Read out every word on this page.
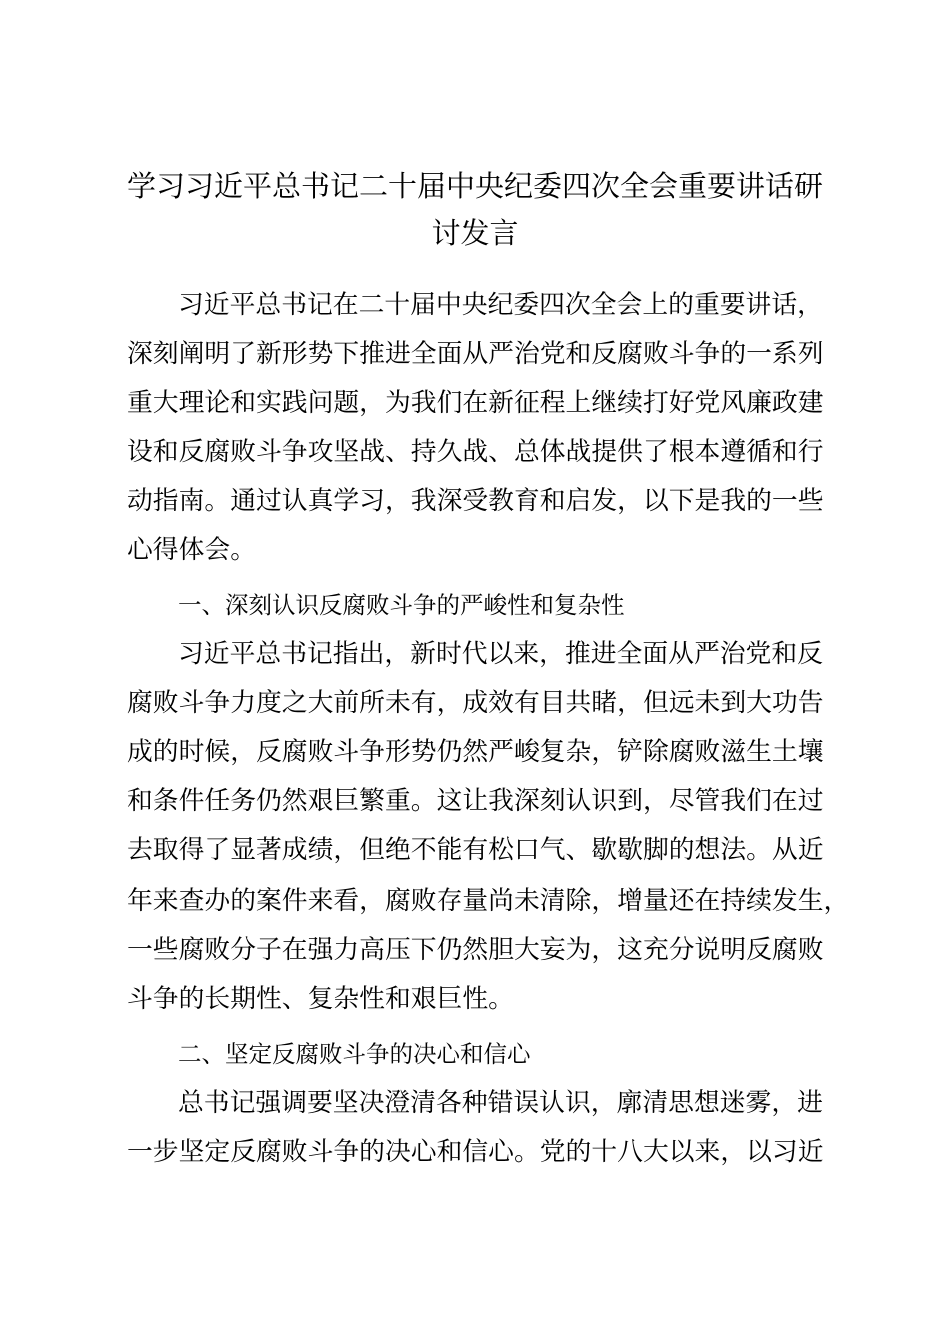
学习习近平总书记二十届中央纪委四次全会重要讲话研
讨发言
习近平总书记在二十届中央纪委四次全会上的重要讲话，
深刻阐明了新形势下推进全面从严治党和反腐败斗争的一系列
重大理论和实践问题，为我们在新征程上继续打好党风廉政建
设和反腐败斗争攻坚战、持久战、总体战提供了根本遵循和行
动指南。通过认真学习，我深受教育和启发，以下是我的一些
心得体会。
一、深刻认识反腐败斗争的严峻性和复杂性
习近平总书记指出，新时代以来，推进全面从严治党和反
腐败斗争力度之大前所未有，成效有目共睹，但远未到大功告
成的时候，反腐败斗争形势仍然严峻复杂，铲除腐败滋生土壤
和条件任务仍然艰巨繁重。这让我深刻认识到，尽管我们在过
去取得了显著成绩，但绝不能有松口气、歇歇脚的想法。从近
年来查办的案件来看，腐败存量尚未清除，增量还在持续发生，
一些腐败分子在强力高压下仍然胆大妄为，这充分说明反腐败
斗争的长期性、复杂性和艰巨性。
二、坚定反腐败斗争的决心和信心
总书记强调要坚决澄清各种错误认识，廓清思想迷雾，进
一步坚定反腐败斗争的决心和信心。党的十八大以来，以习近
